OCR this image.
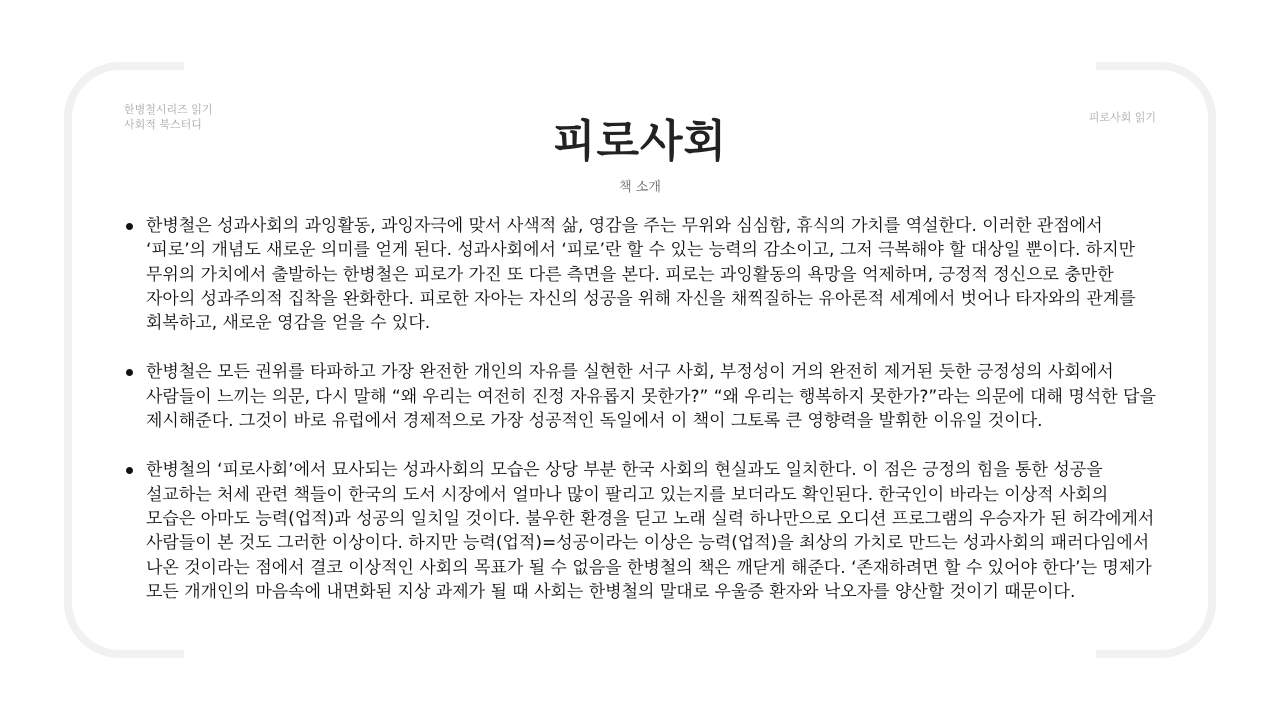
한병철시리즈 읽기
사회적 북스터디
피로사회 읽기
피로사회
책 소개
한병철은 성과사회의 과잉활동, 과잉자극에 맞서 사색적 삶, 영감을 주는 무위와 심심함, 휴식의 가치를 역설한다. 이러한 관점에서 ‘피로’의 개념도 새로운 의미를 얻게 된다. 성과사회에서 ‘피로’란 할 수 있는 능력의 감소이고, 그저 극복해야 할 대상일 뿐이다. 하지만 무위의 가치에서 출발하는 한병철은 피로가 가진 또 다른 측면을 본다. 피로는 과잉활동의 욕망을 억제하며, 긍정적 정신으로 충만한 자아의 성과주의적 집착을 완화한다. 피로한 자아는 자신의 성공을 위해 자신을 채찍질하는 유아론적 세계에서 벗어나 타자와의 관계를 회복하고, 새로운 영감을 얻을 수 있다.
한병철은 모든 권위를 타파하고 가장 완전한 개인의 자유를 실현한 서구 사회, 부정성이 거의 완전히 제거된 듯한 긍정성의 사회에서 사람들이 느끼는 의문, 다시 말해 “왜 우리는 여전히 진정 자유롭지 못한가?” “왜 우리는 행복하지 못한가?”라는 의문에 대해 명석한 답을 제시해준다. 그것이 바로 유럽에서 경제적으로 가장 성공적인 독일에서 이 책이 그토록 큰 영향력을 발휘한 이유일 것이다.
한병철의 ‘피로사회’에서 묘사되는 성과사회의 모습은 상당 부분 한국 사회의 현실과도 일치한다. 이 점은 긍정의 힘을 통한 성공을 설교하는 처세 관련 책들이 한국의 도서 시장에서 얼마나 많이 팔리고 있는지를 보더라도 확인된다. 한국인이 바라는 이상적 사회의 모습은 아마도 능력(업적)과 성공의 일치일 것이다. 불우한 환경을 딛고 노래 실력 하나만으로 오디션 프로그램의 우승자가 된 허각에게서 사람들이 본 것도 그러한 이상이다. 하지만 능력(업적)=성공이라는 이상은 능력(업적)을 최상의 가치로 만드는 성과사회의 패러다임에서 나온 것이라는 점에서 결코 이상적인 사회의 목표가 될 수 없음을 한병철의 책은 깨닫게 해준다. ‘존재하려면 할 수 있어야 한다’는 명제가 모든 개개인의 마음속에 내면화된 지상 과제가 될 때 사회는 한병철의 말대로 우울증 환자와 낙오자를 양산할 것이기 때문이다.
